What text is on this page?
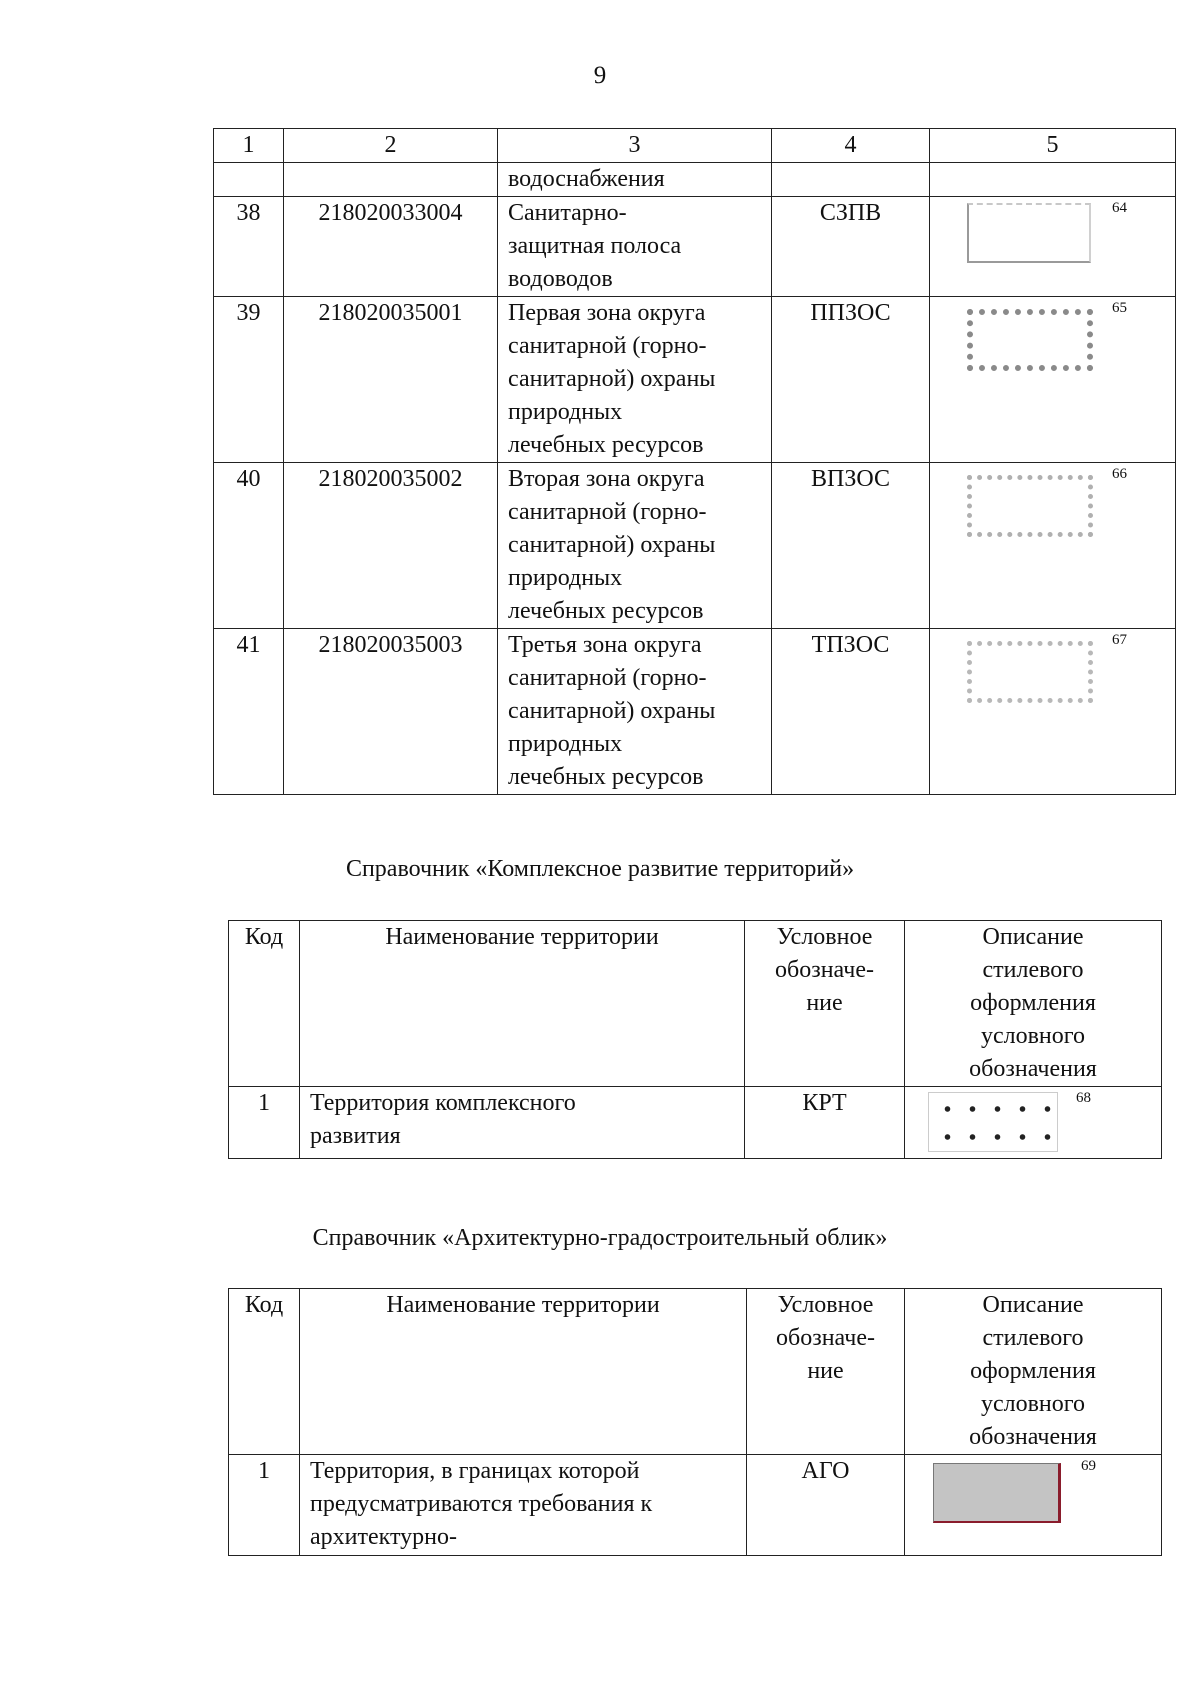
9
1	2	3	4	5
		водоснабжения		
38	218020033004	Санитарно-
защитная полоса
водоводов	СЗПВ	64

39	218020035001	Первая зона округа
санитарной (горно-
санитарной) охраны
природных
лечебных ресурсов	ППЗОС	65

40	218020035002	Вторая зона округа
санитарной (горно-
санитарной) охраны
природных
лечебных ресурсов	ВПЗОС	66

41	218020035003	Третья зона округа
санитарной (горно-
санитарной) охраны
природных
лечебных ресурсов	ТПЗОС	67
Справочник «Комплексное развитие территорий»
Код	Наименование территории	Условное
обозначе-
ние	Описание
стилевого
оформления
условного
обозначения
1	Территория комплексного
развития	КРТ	68
Справочник «Архитектурно-градостроительный облик»
Код	Наименование территории	Условное
обозначе-
ние	Описание
стилевого
оформления
условного
обозначения
1	Территория, в границах которой
предусматриваются требования к
архитектурно-	АГО	69
